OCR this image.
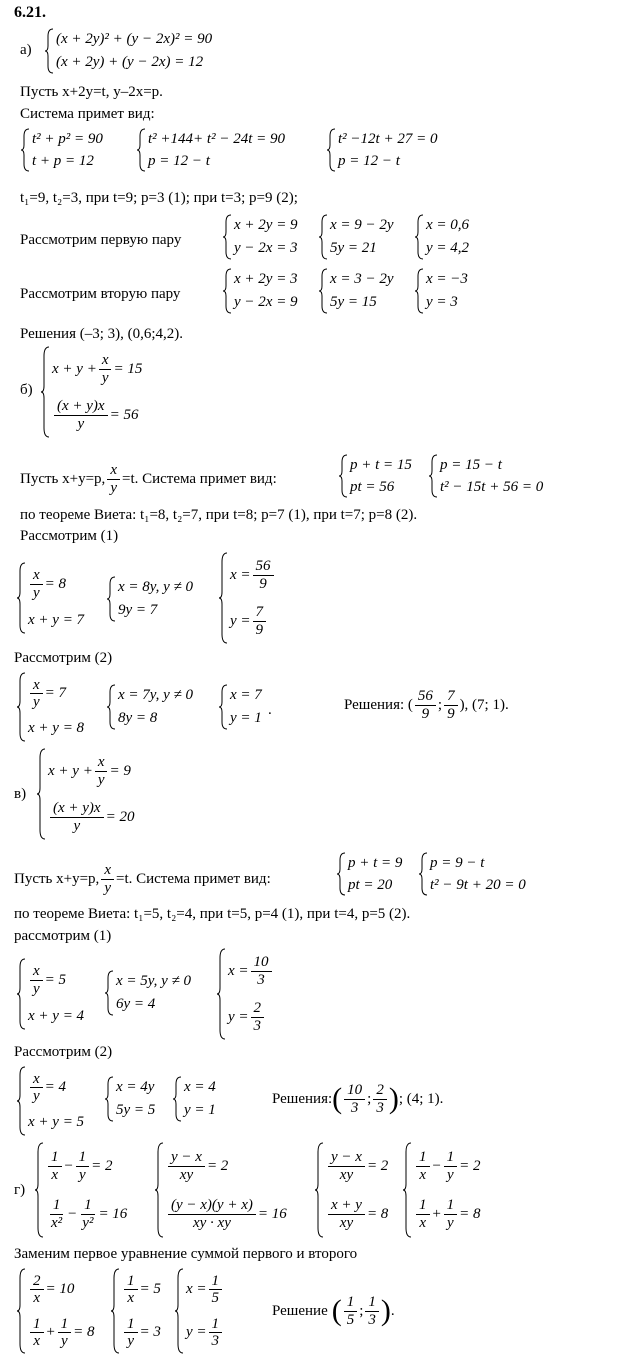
6.21.
а)
(x + 2y)² + (y − 2x)² = 90
(x + 2y) + (y − 2x) = 12
Пусть x+2y=t, y–2x=p.
Система примет вид:
t² + p² = 90
t + p = 12
t² +144+ t² − 24t = 90
p = 12 − t
t² −12t + 27 = 0
p = 12 − t
t₁=9, t₂=3, при t=9; p=3 (1); при t=3; p=9 (2);
Рассмотрим первую пару
x + 2y = 9
y − 2x = 3
x = 9 − 2y
5y = 21
x = 0,6
y = 4,2
Рассмотрим вторую пару
x + 2y = 3
y − 2x = 9
x = 3 − 2y
5y = 15
x = −3
y = 3
Решения (–3; 3), (0,6;4,2).
б)
$x + y + \frac{x}{y} = 15$
$\frac{(x + y)x}{y} = 56$
Пусть x+y=p, $\frac{x}{y} =t$. Система примет вид:
p + t = 15
pt = 56
p = 15 − t
t² − 15t + 56 = 0
по теореме Виета: t₁=8, t₂=7, при t=8; p=7 (1), при t=7; p=8 (2).
Рассмотрим (1)
$\frac{x}{y} = 8$
x + y = 7
x = 8y, y ≠ 0
9y = 7
$x = \frac{56}{9}$
$y = \frac{7}{9}$
Рассмотрим (2)
$\frac{x}{y} = 7$
x + y = 8
x = 7y, y ≠ 0
8y = 8
x = 7
y = 1 .	Решения: ( $\frac{56}{9}$ ; $\frac{7}{9}$ ), (7; 1).
в)
$x + y + \frac{x}{y} = 9$
$\frac{(x + y)x}{y} = 20$
Пусть x+y=p, $\frac{x}{y} =t$. Система примет вид:
p + t = 9
pt = 20
p = 9 − t
t² − 9t + 20 = 0
по теореме Виета: t₁=5, t₂=4, при t=5, p=4 (1), при t=4, p=5 (2).
рассмотрим (1)
$\frac{x}{y} = 5$
x + y = 4
x = 5y, y ≠ 0
6y = 4
$x = \frac{10}{3}$
$y = \frac{2}{3}$
Рассмотрим (2)
$\frac{x}{y} = 4$
x + y = 5
x = 4y
5y = 5
x = 4
y = 1
Решения: ( $\frac{10}{3}$ ; $\frac{2}{3}$ ) ; (4; 1).
г)
$\frac{1}{x} - \frac{1}{y} = 2$
$\frac{1}{\text{x²}} - \frac{1}{\text{y²}} = 16$
$\frac{y - x}{xy} = 2$
$\frac{(y - x)(y + x)}{xy \cdot xy} = 16$
$\frac{y - x}{xy} = 2$
$\frac{x + y}{xy} = 8$
$\frac{1}{x} - \frac{1}{y} = 2$
$\frac{1}{x} + \frac{1}{y} = 8$
Заменим первое уравнение суммой первого и второго
$\frac{2}{x} = 10$
$\frac{1}{x} + \frac{1}{y} = 8$
$\frac{1}{x} = 5$
$\frac{1}{y} = 3$
$x = \frac{1}{5}$
$y = \frac{1}{3}$
Решение ( $\frac{1}{5}$ ; $\frac{1}{3}$ ) .
